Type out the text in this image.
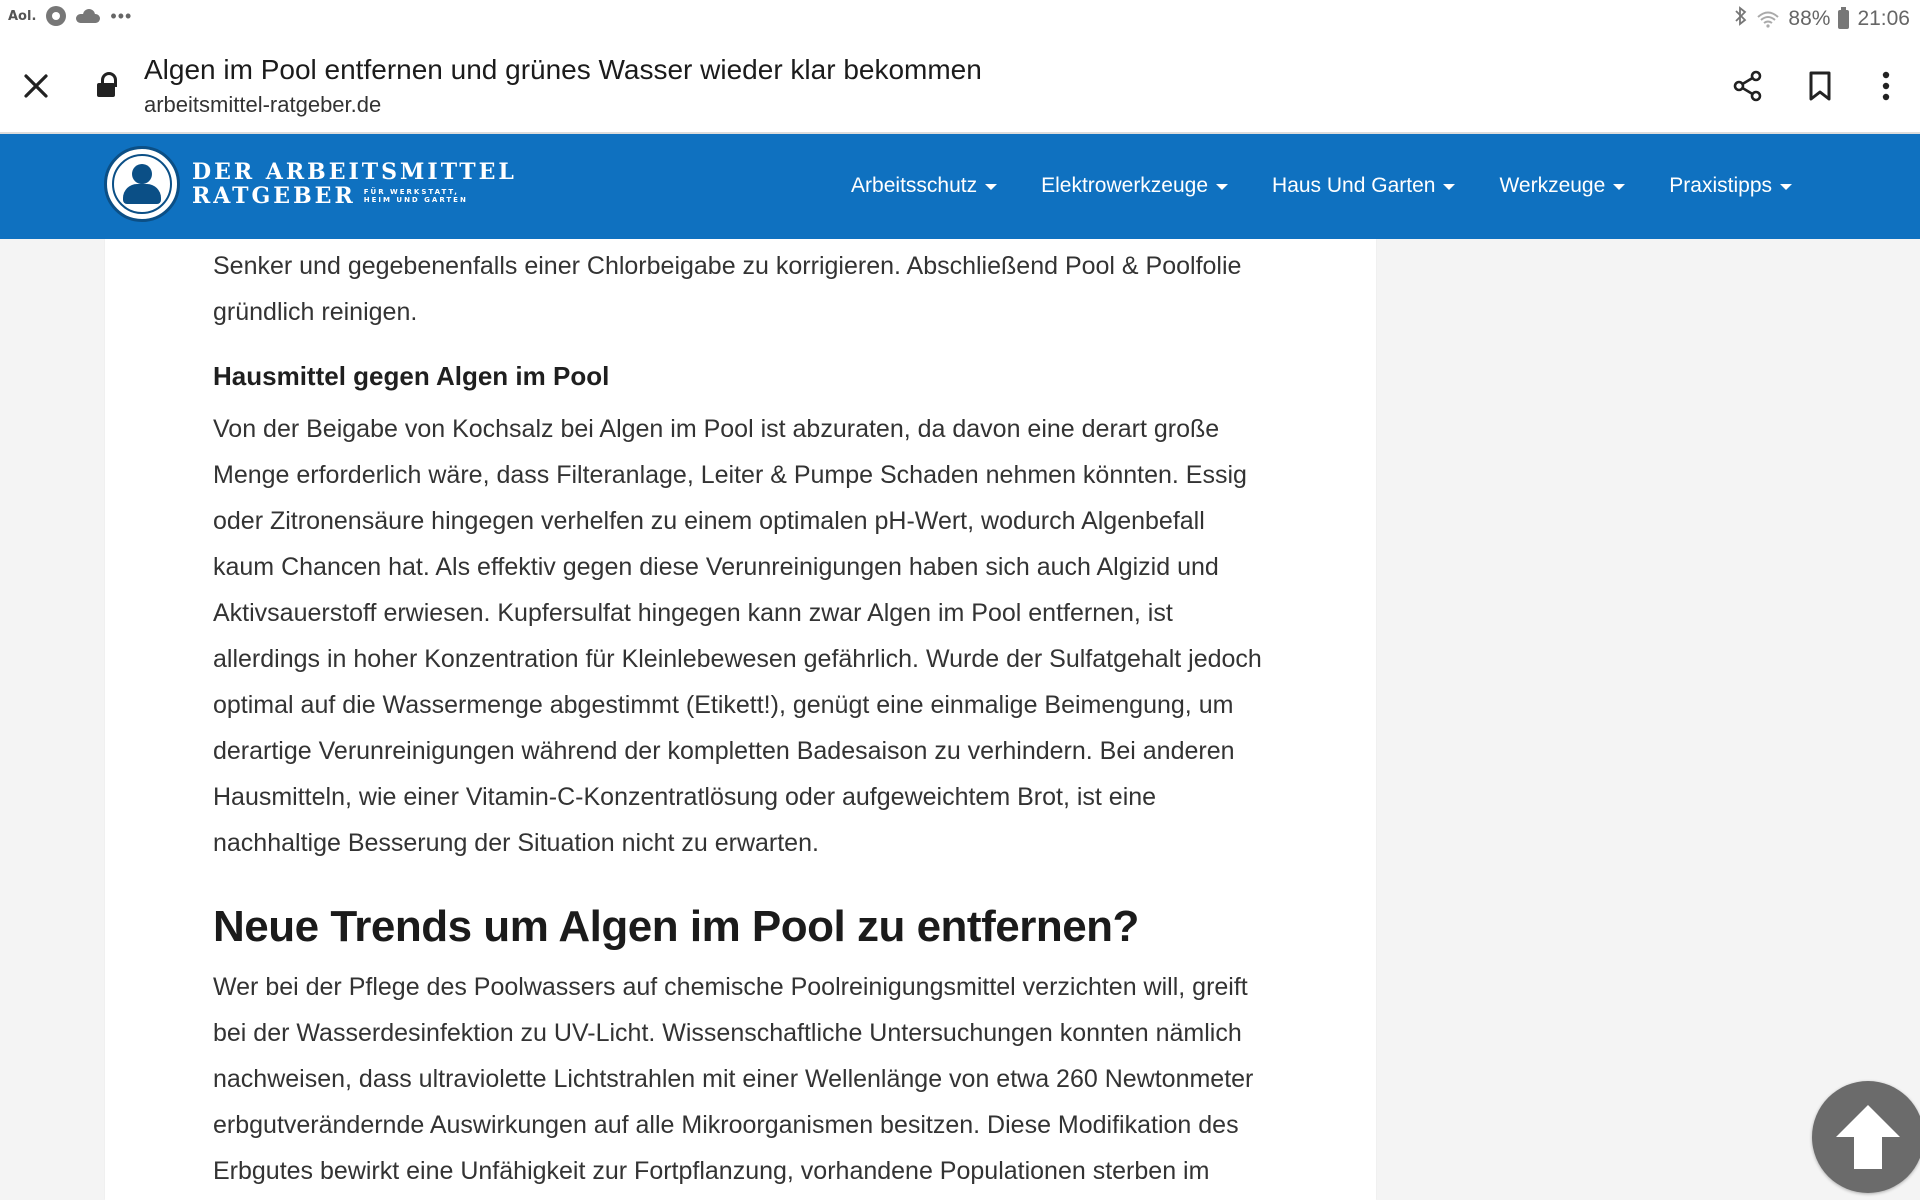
Aol.	•••	88% 21:06
Algen im Pool entfernen und grünes Wasser wieder klar bekommen
arbeitsmittel-ratgeber.de
DER ARBEITSMITTEL
RATGEBER FÜR WERKSTATT,
HEIM UND GARTEN
Arbeitsschutz	Elektrowerkzeuge	Haus Und Garten	Werkzeuge	Praxistipps

Senker und gegebenenfalls einer Chlorbeigabe zu korrigieren. Abschließend Pool & Poolfolie
gründlich reinigen.

Hausmittel gegen Algen im Pool

Von der Beigabe von Kochsalz bei Algen im Pool ist abzuraten, da davon eine derart große
Menge erforderlich wäre, dass Filteranlage, Leiter & Pumpe Schaden nehmen könnten. Essig
oder Zitronensäure hingegen verhelfen zu einem optimalen pH-Wert, wodurch Algenbefall
kaum Chancen hat. Als effektiv gegen diese Verunreinigungen haben sich auch Algizid und
Aktivsauerstoff erwiesen. Kupfersulfat hingegen kann zwar Algen im Pool entfernen, ist
allerdings in hoher Konzentration für Kleinlebewesen gefährlich. Wurde der Sulfatgehalt jedoch
optimal auf die Wassermenge abgestimmt (Etikett!), genügt eine einmalige Beimengung, um
derartige Verunreinigungen während der kompletten Badesaison zu verhindern. Bei anderen
Hausmitteln, wie einer Vitamin-C-Konzentratlösung oder aufgeweichtem Brot, ist eine
nachhaltige Besserung der Situation nicht zu erwarten.

Neue Trends um Algen im Pool zu entfernen?

Wer bei der Pflege des Poolwassers auf chemische Poolreinigungsmittel verzichten will, greift
bei der Wasserdesinfektion zu UV-Licht. Wissenschaftliche Untersuchungen konnten nämlich
nachweisen, dass ultraviolette Lichtstrahlen mit einer Wellenlänge von etwa 260 Newtonmeter
erbgutverändernde Auswirkungen auf alle Mikroorganismen besitzen. Diese Modifikation des
Erbgutes bewirkt eine Unfähigkeit zur Fortpflanzung, vorhandene Populationen sterben im
